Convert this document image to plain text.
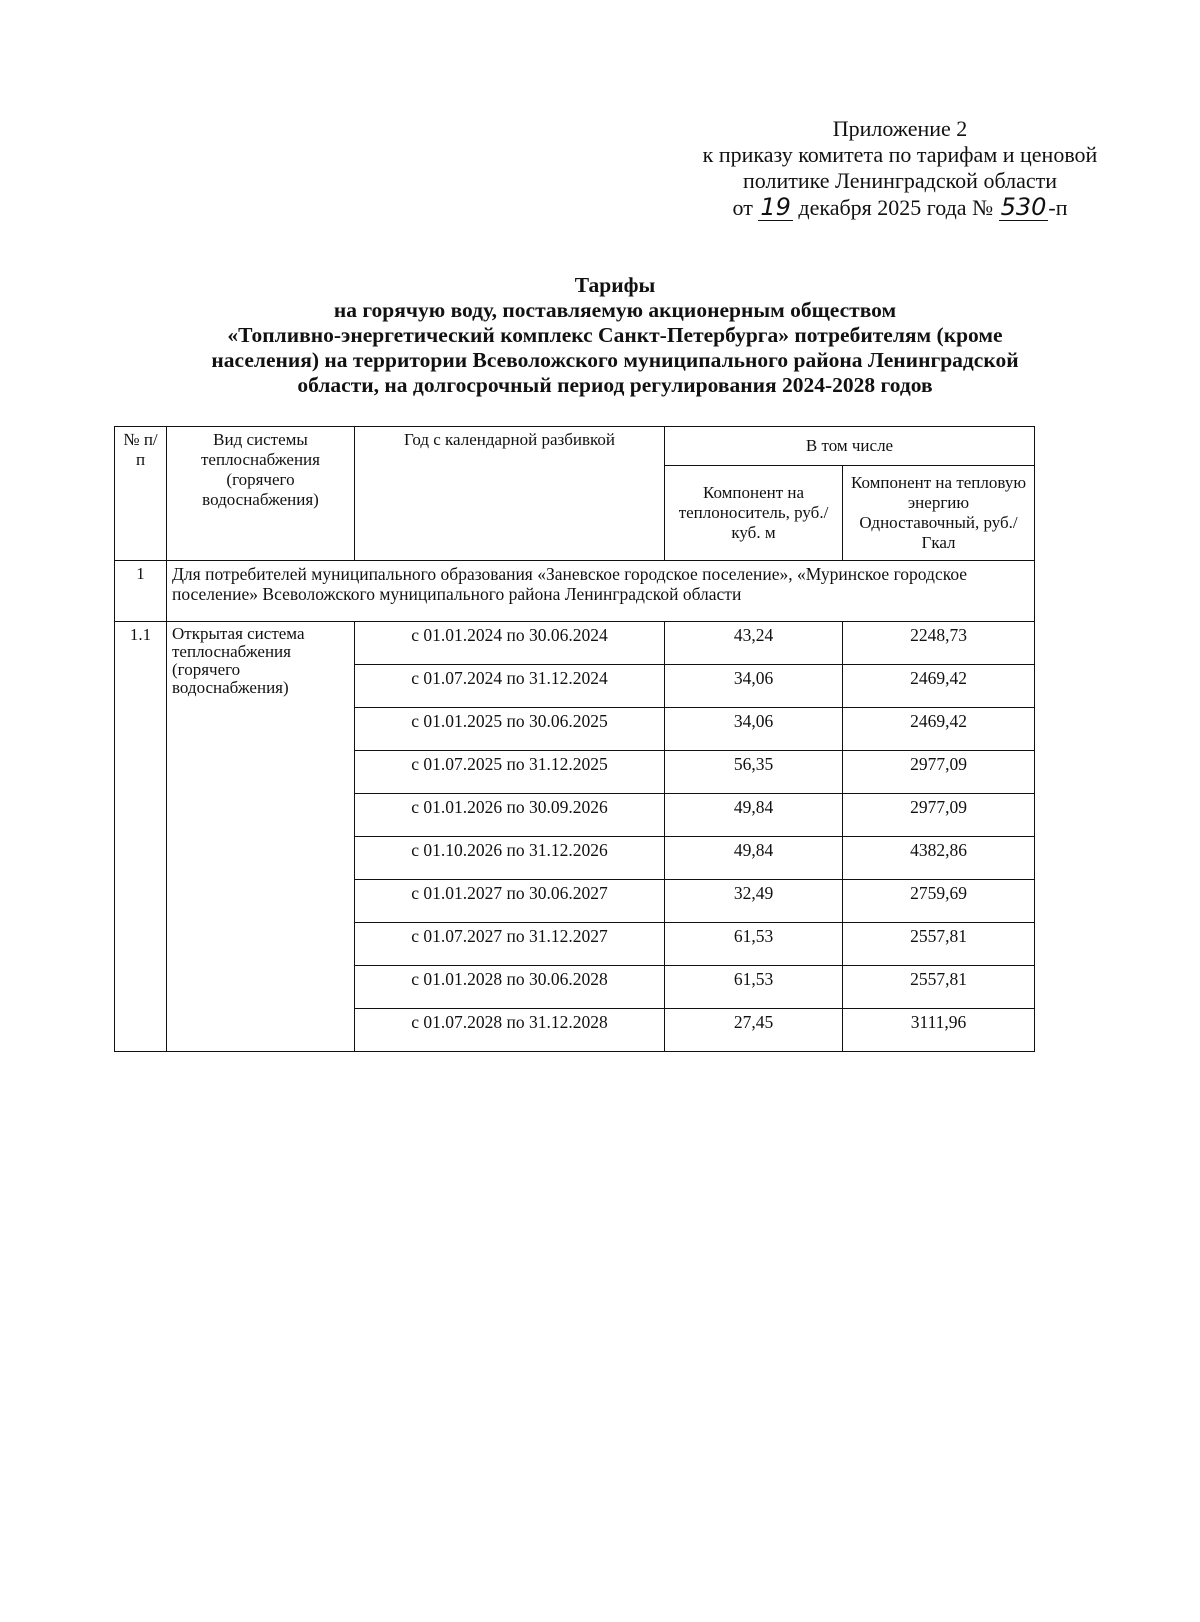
Приложение 2
к приказу комитета по тарифам и ценовой
политике Ленинградской области
от 19 декабря 2025 года № 530-п
Тарифы
на горячую воду, поставляемую акционерным обществом
«Топливно-энергетический комплекс Санкт-Петербурга» потребителям (кроме
населения) на территории Всеволожского муниципального района Ленинградской
области, на долгосрочный период регулирования 2024-2028 годов
№ п/п	Вид системы теплоснабжения (горячего водоснабжения)	Год с календарной разбивкой	В том числе	
			Компонент на теплоноситель, руб./куб. м	Компонент на тепловую энергию Одноставочный, руб./Гкал
1	Для потребителей муниципального образования «Заневское городское поселение», «Муринское городское поселение» Всеволожского муниципального района Ленинградской области			
1.1	Открытая система теплоснабжения (горячего водоснабжения)	с 01.01.2024 по 30.06.2024	43,24	2248,73
		с 01.07.2024 по 31.12.2024	34,06	2469,42
		с 01.01.2025 по 30.06.2025	34,06	2469,42
		с 01.07.2025 по 31.12.2025	56,35	2977,09
		с 01.01.2026 по 30.09.2026	49,84	2977,09
		с 01.10.2026 по 31.12.2026	49,84	4382,86
		с 01.01.2027 по 30.06.2027	32,49	2759,69
		с 01.07.2027 по 31.12.2027	61,53	2557,81
		с 01.01.2028 по 30.06.2028	61,53	2557,81
		с 01.07.2028 по 31.12.2028	27,45	3111,96
